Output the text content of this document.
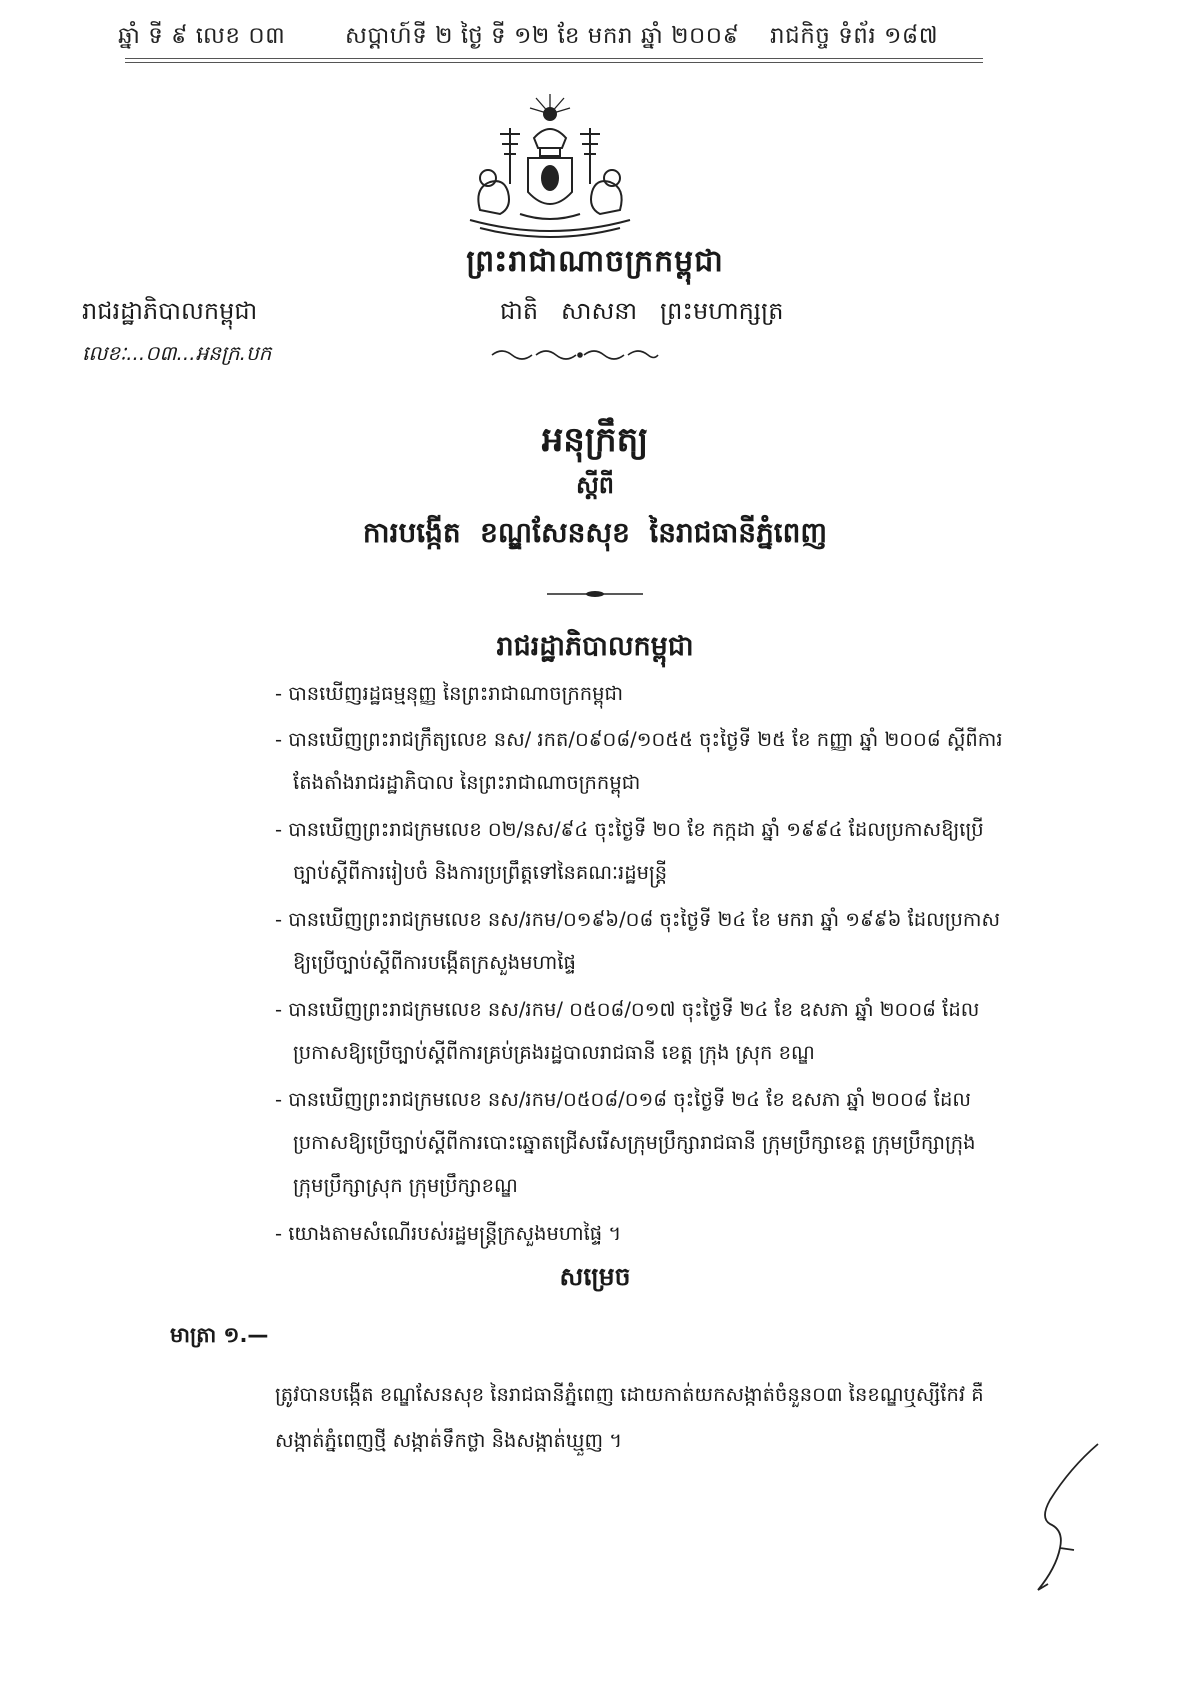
ឆ្នាំ ទី ៩ លេខ ០៣	សប្តាហ៍ទី ២ ថ្ងៃ ទី ១២ ខែ មករា ឆ្នាំ ២០០៩ រាជកិច្ច ទំព័រ ១៨៧
ព្រះរាជាណាចក្រកម្ពុជា
រាជរដ្ឋាភិបាលកម្ពុជា	ជាតិ   សាសនា   ព្រះមហាក្សត្រ
លេខៈ...០៣...អនក្រ.បក
អនុក្រឹត្យ
ស្តីពី
ការបង្កើត  ខណ្ឌសែនសុខ  នៃរាជធានីភ្នំពេញ
រាជរដ្ឋាភិបាលកម្ពុជា
- បានឃើញរដ្ឋធម្មនុញ្ញ នៃព្រះរាជាណាចក្រកម្ពុជា
- បានឃើញព្រះរាជក្រឹត្យលេខ នស/ រកត/០៩០៨/១០៥៥ ចុះថ្ងៃទី ២៥ ខែ កញ្ញា ឆ្នាំ ២០០៨ ស្តីពីការ
តែងតាំងរាជរដ្ឋាភិបាល នៃព្រះរាជាណាចក្រកម្ពុជា
- បានឃើញព្រះរាជក្រមលេខ ០២/នស/៩៤ ចុះថ្ងៃទី ២០ ខែ កក្កដា ឆ្នាំ ១៩៩៤ ដែលប្រកាសឱ្យប្រើ
ច្បាប់ស្តីពីការរៀបចំ និងការប្រព្រឹត្តទៅនៃគណៈរដ្ឋមន្ត្រី
- បានឃើញព្រះរាជក្រមលេខ នស/រកម/០១៩៦/០៨ ចុះថ្ងៃទី ២៤ ខែ មករា ឆ្នាំ ១៩៩៦ ដែលប្រកាស
ឱ្យប្រើច្បាប់ស្តីពីការបង្កើតក្រសួងមហាផ្ទៃ
- បានឃើញព្រះរាជក្រមលេខ នស/រកម/ ០៥០៨/០១៧ ចុះថ្ងៃទី ២៤ ខែ ឧសភា ឆ្នាំ ២០០៨ ដែល
ប្រកាសឱ្យប្រើច្បាប់ស្តីពីការគ្រប់គ្រងរដ្ឋបាលរាជធានី ខេត្ត ក្រុង ស្រុក ខណ្ឌ
- បានឃើញព្រះរាជក្រមលេខ នស/រកម/០៥០៨/០១៨ ចុះថ្ងៃទី ២៤ ខែ ឧសភា ឆ្នាំ ២០០៨ ដែល
ប្រកាសឱ្យប្រើច្បាប់ស្តីពីការបោះឆ្នោតជ្រើសរើសក្រុមប្រឹក្សារាជធានី ក្រុមប្រឹក្សាខេត្ត ក្រុមប្រឹក្សាក្រុង
ក្រុមប្រឹក្សាស្រុក ក្រុមប្រឹក្សាខណ្ឌ
- យោងតាមសំណើរបស់រដ្ឋមន្ត្រីក្រសួងមហាផ្ទៃ ។
សម្រេច
មាត្រា ១.—
ត្រូវបានបង្កើត ខណ្ឌសែនសុខ នៃរាជធានីភ្នំពេញ ដោយកាត់យកសង្កាត់ចំនួន០៣ នៃខណ្ឌឬស្សីកែវ គឺ
សង្កាត់ភ្នំពេញថ្មី សង្កាត់ទឹកថ្លា និងសង្កាត់ឃ្មួញ ។
